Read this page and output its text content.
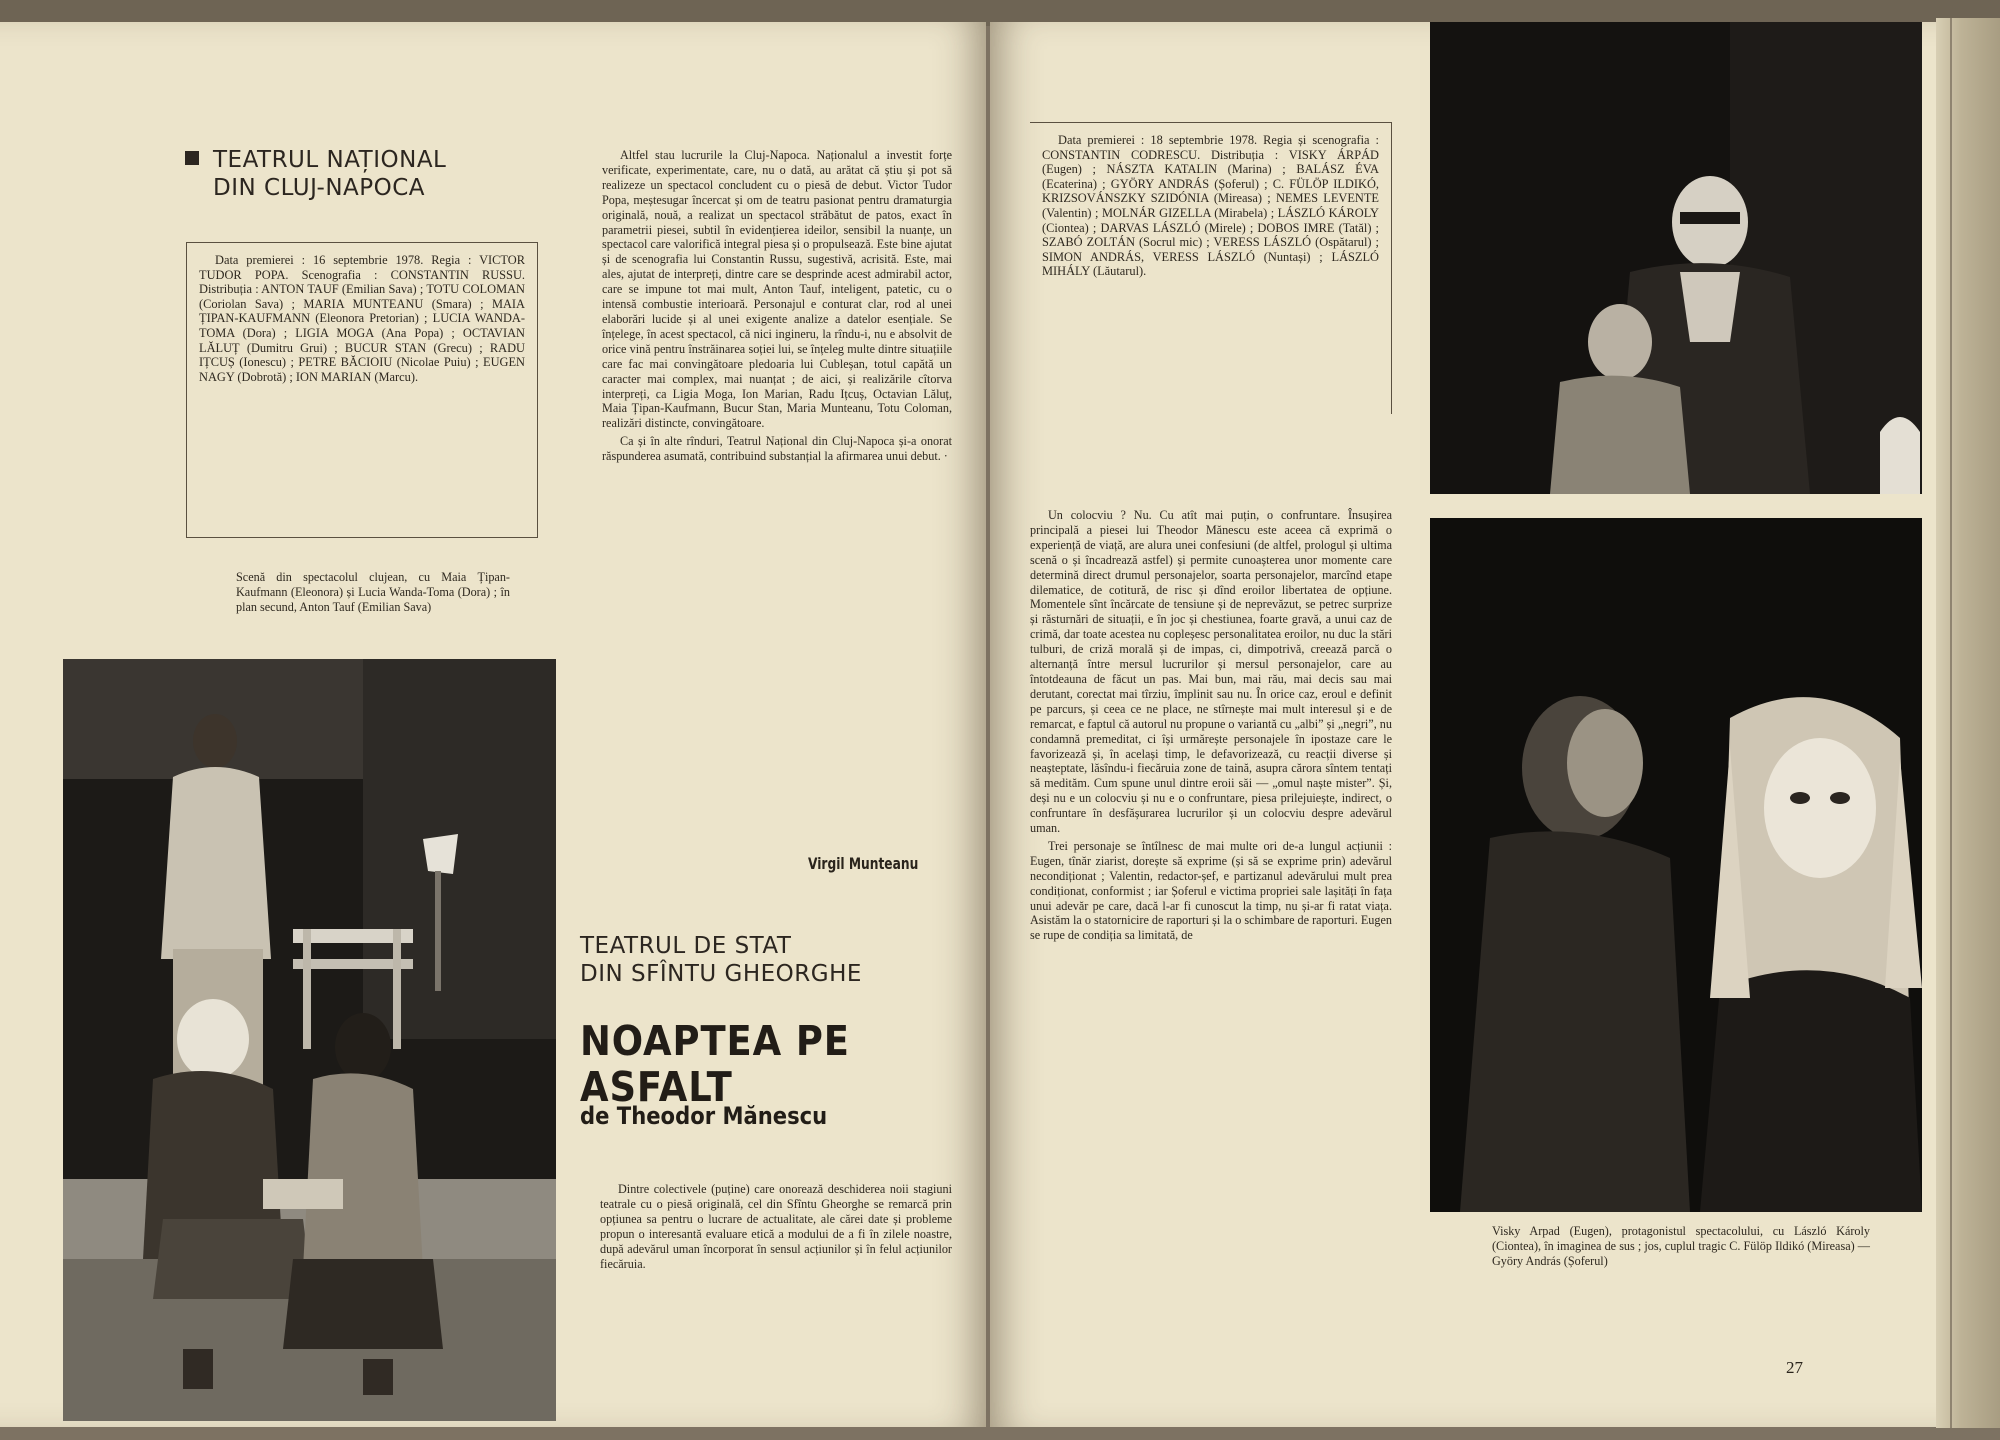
TEATRUL NAȚIONAL
DIN CLUJ-NAPOCA

Data premierei : 16 septembrie 1978. Regia : VICTOR TUDOR POPA. Scenografia : CONSTANTIN RUSSU. Distribuția : ANTON TAUF (Emilian Sava) ; TOTU COLOMAN (Coriolan Sava) ; MARIA MUNTEANU (Smara) ; MAIA ȚIPAN-KAUFMANN (Eleonora Pretorian) ; LUCIA WANDA-TOMA (Dora) ; LIGIA MOGA (Ana Popa) ; OCTAVIAN LĂLUȚ (Dumitru Grui) ; BUCUR STAN (Grecu) ; RADU IȚCUȘ (Ionescu) ; PETRE BĂCIOIU (Nicolae Puiu) ; EUGEN NAGY (Dobrotă) ; ION MARIAN (Marcu).

Scenă din spectacolul clujean, cu Maia Țipan-Kaufmann (Eleonora) și Lucia Wanda-Toma (Dora) ; în plan secund, Anton Tauf (Emilian Sava)

Altfel stau lucrurile la Cluj-Napoca. Naționalul a investit forțe verificate, experimentate, care, nu o dată, au arătat că știu și pot să realizeze un spectacol concludent cu o piesă de debut. Victor Tudor Popa, meștesugar încercat și om de teatru pasionat pentru dramaturgia originală, nouă, a realizat un spectacol străbătut de patos, exact în parametrii piesei, subtil în evidențierea ideilor, sensibil la nuanțe, un spectacol care valorifică integral piesa și o propulsează. Este bine ajutat și de scenografia lui Constantin Russu, sugestivă, acrisită. Este, mai ales, ajutat de interpreți, dintre care se desprinde acest admirabil actor, care se impune tot mai mult, Anton Tauf, inteligent, patetic, cu o intensă combustie interioară. Personajul e conturat clar, rod al unei elaborări lucide și al unei exigente analize a datelor esențiale. Se înțelege, în acest spectacol, că nici ingineru, la rîndu-i, nu e absolvit de orice vină pentru înstrăinarea soției lui, se înțeleg multe dintre situațiile care fac mai convingătoare pledoaria lui Cubleșan, totul capătă un caracter mai complex, mai nuanțat ; de aici, și realizările cîtorva interpreți, ca Ligia Moga, Ion Marian, Radu Ițcuș, Octavian Lăluț, Maia Țipan-Kaufmann, Bucur Stan, Maria Munteanu, Totu Coloman, realizări distincte, convingătoare.

Ca și în alte rînduri, Teatrul Național din Cluj-Napoca și-a onorat răspunderea asumată, contribuind substanțial la afirmarea unui debut. ·

Virgil Munteanu
TEATRUL DE STAT
DIN SFÎNTU GHEORGHE
NOAPTEA PE ASFALT
de Theodor Mănescu

Dintre colectivele (puține) care onorează deschiderea noii stagiuni teatrale cu o piesă originală, cel din Sfîntu Gheorghe se remarcă prin opțiunea sa pentru o lucrare de actualitate, ale cărei date și probleme propun o interesantă evaluare etică a modului de a fi în zilele noastre, după adevărul uman încorporat în sensul acțiunilor și în felul acțiunilor fiecăruia.

Data premierei : 18 septembrie 1978. Regia și scenografia : CONSTANTIN CODRESCU. Distribuția : VISKY ÁRPÁD (Eugen) ; NÁSZTA KATALIN (Marina) ; BALÁSZ ÉVA (Ecaterina) ; GYÖRY ANDRÁS (Șoferul) ; C. FÜLÖP ILDIKÓ, KRIZSOVÁNSZKY SZIDÓNIA (Mireasa) ; NEMES LEVENTE (Valentin) ; MOLNÁR GIZELLA (Mirabela) ; LÁSZLÓ KÁROLY (Ciontea) ; DARVAS LÁSZLÓ (Mirele) ; DOBOS IMRE (Tatăl) ; SZABÓ ZOLTÁN (Socrul mic) ; VERESS LÁSZLÓ (Ospătarul) ; SIMON ANDRÁS, VERESS LÁSZLÓ (Nuntași) ; LÁSZLÓ MIHÁLY (Lăutarul).

Un colocviu ? Nu. Cu atît mai puțin, o confruntare. Însușirea principală a piesei lui Theodor Mănescu este aceea că exprimă o experiență de viață, are alura unei confesiuni (de altfel, prologul și ultima scenă o și încadrează astfel) și permite cunoașterea unor momente care determină direct drumul personajelor, soarta personajelor, marcînd etape dilematice, de cotitură, de risc și dînd eroilor libertatea de opțiune. Momentele sînt încărcate de tensiune și de neprevăzut, se petrec surprize și răsturnări de situații, e în joc și chestiunea, foarte gravă, a unui caz de crimă, dar toate acestea nu copleșesc personalitatea eroilor, nu duc la stări tulburi, de criză morală și de impas, ci, dimpotrivă, creează parcă o alternanță între mersul lucrurilor și mersul personajelor, care au întotdeauna de făcut un pas. Mai bun, mai rău, mai decis sau mai derutant, corectat mai tîrziu, împlinit sau nu. În orice caz, eroul e definit pe parcurs, și ceea ce ne place, ne stîrnește mai mult interesul și e de remarcat, e faptul că autorul nu propune o variantă cu „albi” și „negri”, nu condamnă premeditat, ci își urmărește personajele în ipostaze care le favorizează și, în același timp, le defavorizează, cu reacții diverse și neașteptate, lăsîndu-i fiecăruia zone de taină, asupra cărora sîntem tentați să medităm. Cum spune unul dintre eroii săi — „omul naște mister”. Și, deși nu e un colocviu și nu e o confruntare, piesa prilejuiește, indirect, o confruntare în desfășurarea lucrurilor și un colocviu despre adevărul uman.

Trei personaje se întîlnesc de mai multe ori de-a lungul acțiunii : Eugen, tînăr ziarist, dorește să exprime (și să se exprime prin) adevărul necondiționat ; Valentin, redactor-șef, e partizanul adevărului mult prea condiționat, conformist ; iar Șoferul e victima propriei sale lașități în fața unui adevăr pe care, dacă l-ar fi cunoscut la timp, nu și-ar fi ratat viața. Asistăm la o statornicire de raporturi și la o schimbare de raporturi. Eugen se rupe de condiția sa limitată, de

Visky Arpad (Eugen), protagonistul spectacolului, cu László Károly (Ciontea), în imaginea de sus ; jos, cuplul tragic C. Fülöp Ildikó (Mireasa) — Györy András (Șoferul)
27
